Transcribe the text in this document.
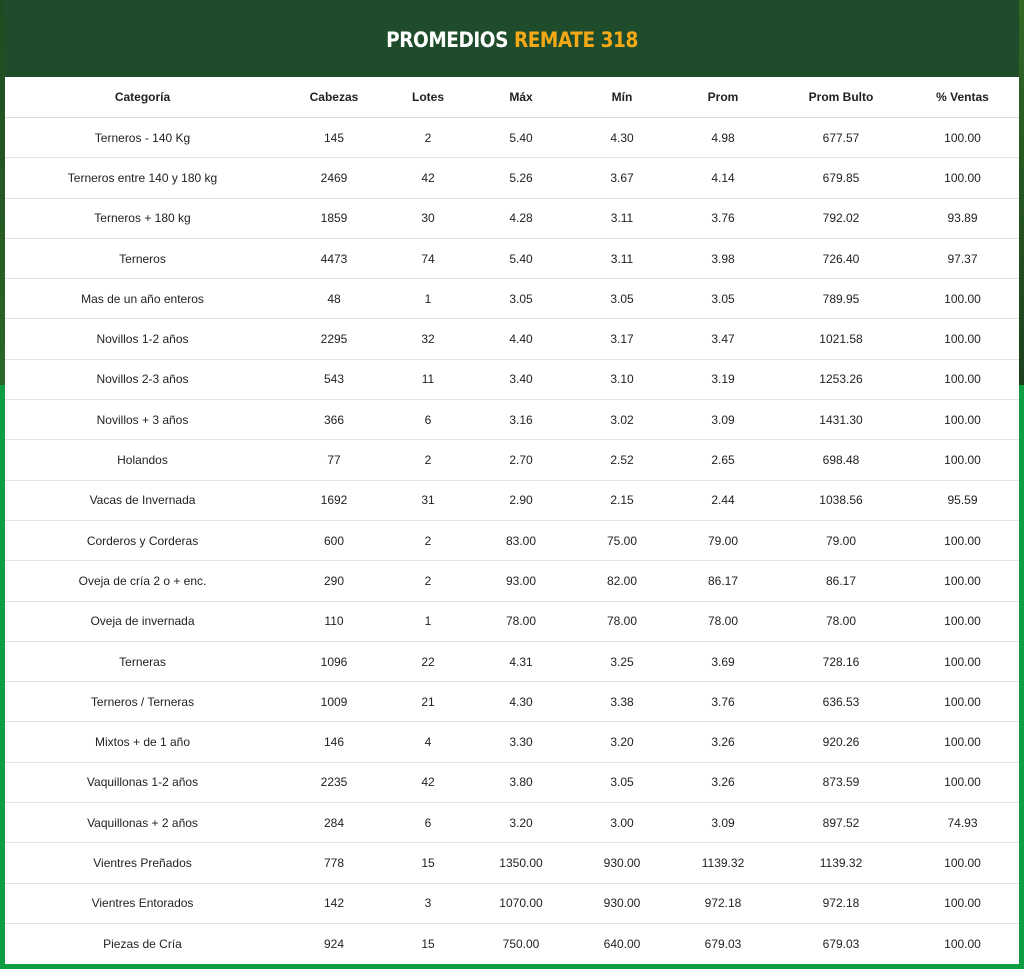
PROMEDIOS REMATE 318
Categoría	Cabezas	Lotes	Máx	Mín	Prom	Prom Bulto	% Ventas
Terneros - 140 Kg	145	2	5.40	4.30	4.98	677.57	100.00
Terneros entre 140 y 180 kg	2469	42	5.26	3.67	4.14	679.85	100.00
Terneros + 180 kg	1859	30	4.28	3.11	3.76	792.02	93.89
Terneros	4473	74	5.40	3.11	3.98	726.40	97.37
Mas de un año enteros	48	1	3.05	3.05	3.05	789.95	100.00
Novillos 1-2 años	2295	32	4.40	3.17	3.47	1021.58	100.00
Novillos 2-3 años	543	11	3.40	3.10	3.19	1253.26	100.00
Novillos + 3 años	366	6	3.16	3.02	3.09	1431.30	100.00
Holandos	77	2	2.70	2.52	2.65	698.48	100.00
Vacas de Invernada	1692	31	2.90	2.15	2.44	1038.56	95.59
Corderos y Corderas	600	2	83.00	75.00	79.00	79.00	100.00
Oveja de cría 2 o + enc.	290	2	93.00	82.00	86.17	86.17	100.00
Oveja de invernada	110	1	78.00	78.00	78.00	78.00	100.00
Terneras	1096	22	4.31	3.25	3.69	728.16	100.00
Terneros / Terneras	1009	21	4.30	3.38	3.76	636.53	100.00
Mixtos + de 1 año	146	4	3.30	3.20	3.26	920.26	100.00
Vaquillonas 1-2 años	2235	42	3.80	3.05	3.26	873.59	100.00
Vaquillonas + 2 años	284	6	3.20	3.00	3.09	897.52	74.93
Vientres Preñados	778	15	1350.00	930.00	1139.32	1139.32	100.00
Vientres Entorados	142	3	1070.00	930.00	972.18	972.18	100.00
Piezas de Cría	924	15	750.00	640.00	679.03	679.03	100.00
